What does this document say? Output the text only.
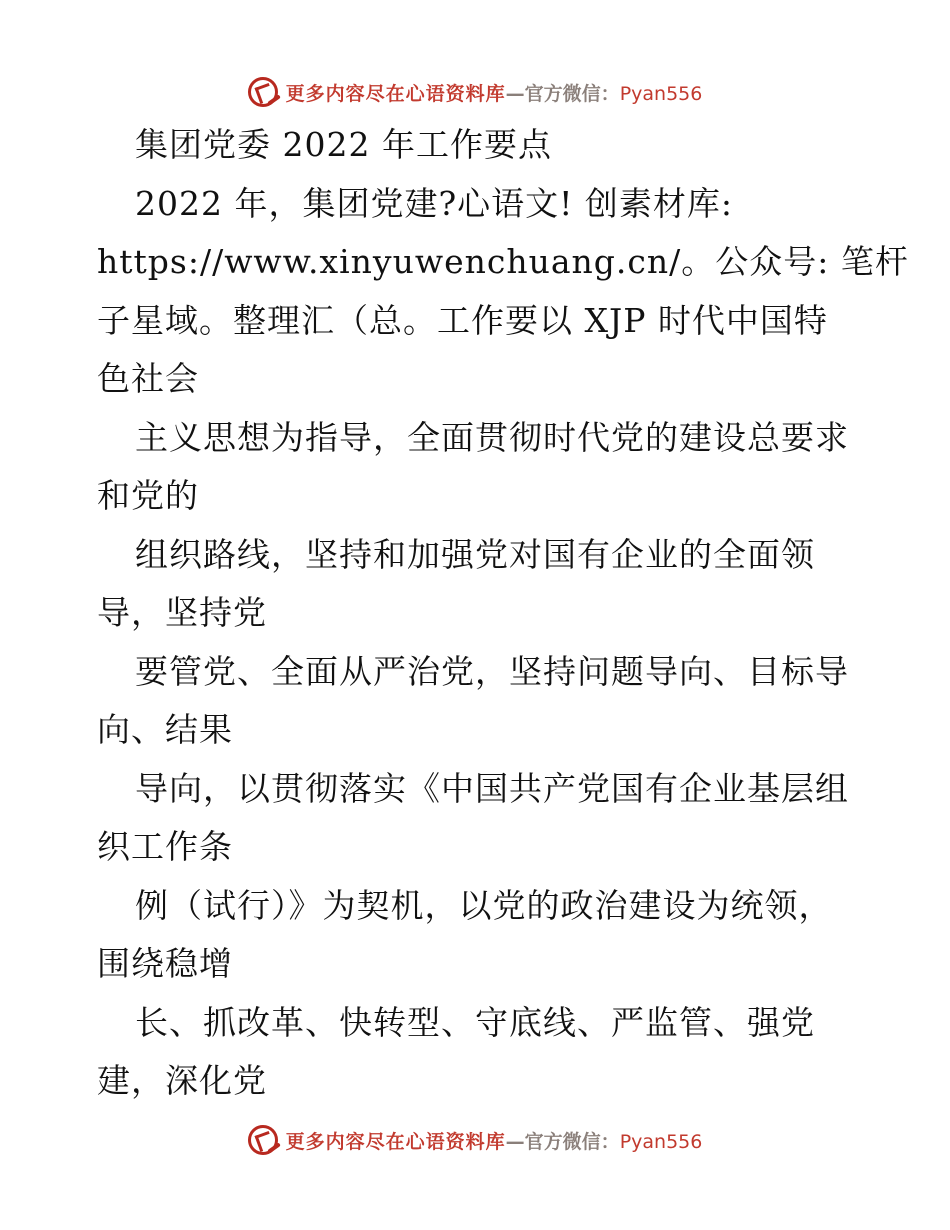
更多内容尽在心语资料库—官方微信：Pyan556
集团党委 2022 年工作要点
2022 年，集团党建?心语文! 创素材库:
https://www.xinyuwenchuang.cn/。公众号: 笔杆
子星域。整理汇（总。工作要以 XJP 时代中国特
色社会
主义思想为指导，全面贯彻时代党的建设总要求
和党的
组织路线，坚持和加强党对国有企业的全面领
导，坚持党
要管党、全面从严治党，坚持问题导向、目标导
向、结果
导向，以贯彻落实《中国共产党国有企业基层组
织工作条
例（试行）》为契机，以党的政治建设为统领，
围绕稳增
长、抓改革、快转型、守底线、严监管、强党
建，深化党
更多内容尽在心语资料库—官方微信：Pyan556
